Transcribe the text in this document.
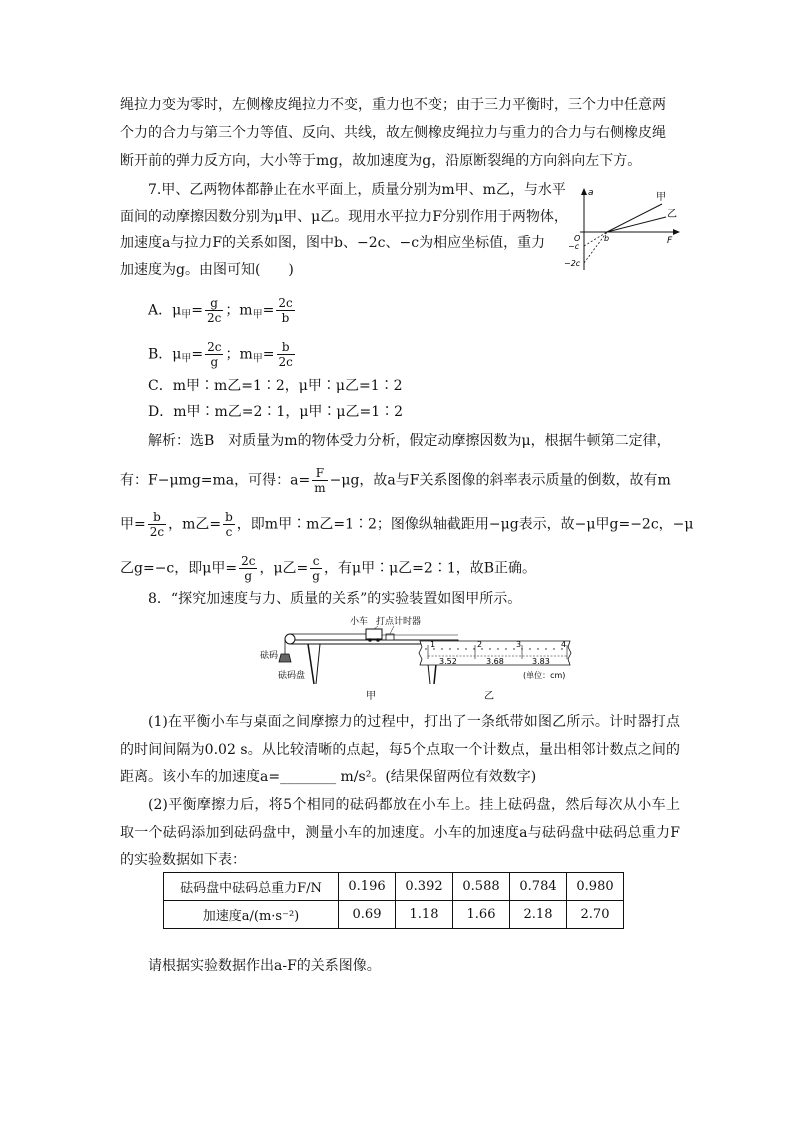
绳拉力变为零时，左侧橡皮绳拉力不变，重力也不变；由于三力平衡时，三个力中任意两
个力的合力与第三个力等值、反向、共线，故左侧橡皮绳拉力与重力的合力与右侧橡皮绳
断开前的弹力反方向，大小等于mg，故加速度为g，沿原断裂绳的方向斜向左下方。
7.甲、乙两物体都静止在水平面上，质量分别为m甲、m乙，与水平
面间的动摩擦因数分别为μ甲、μ乙。现用水平拉力F分别作用于两物体，
加速度a与拉力F的关系如图，图中b、−2c、−c为相应坐标值，重力
加速度为g。由图可知(　　)
a
F
O	b
−c
−2c
甲
乙
A．$\mu_甲= \frac{g}{2c}$ ；$m_甲= \frac{2c}{b}$
B．$\mu_甲= \frac{2c}{g}$ ；$m_甲= \frac{b}{2c}$
C．m甲∶m乙=1∶2，μ甲∶μ乙=1∶2
D．m甲∶m乙=2∶1，μ甲∶μ乙=1∶2
解析：选B　对质量为m的物体受力分析，假定动摩擦因数为μ，根据牛顿第二定律，
有：F−μmg=ma，可得：$a= \frac{F}{m} -\mu g$，故a与F关系图像的斜率表示质量的倒数，故有m
甲= $\frac{b}{2c}$ ，m乙= $\frac{b}{c}$ ，即m甲∶m乙=1∶2；图像纵轴截距用−μg表示，故−μ甲g=−2c，−μ
乙g=−c，即μ甲= $\frac{2c}{g}$ ，μ乙= $\frac{c}{g}$ ，有μ甲∶μ乙=2∶1，故B正确。
8．“探究加速度与力、质量的关系”的实验装置如图甲所示。
小车 打点计时器
砝码
砝码盘
甲
1	2	3	4
3.52	3.68	3.83
(单位：cm)
乙
(1)在平衡小车与桌面之间摩擦力的过程中，打出了一条纸带如图乙所示。计时器打点的时间间隔为0.02 s。从比较清晰的点起，每5个点取一个计数点，量出相邻计数点之间的距离。该小车的加速度a=________ m/s²。(结果保留两位有效数字)
(2)平衡摩擦力后，将5个相同的砝码都放在小车上。挂上砝码盘，然后每次从小车上取一个砝码添加到砝码盘中，测量小车的加速度。小车的加速度a与砝码盘中砝码总重力F的实验数据如下表：
砝码盘中砝码总重力F/N	0.196	0.392	0.588	0.784	0.980
加速度a/(m·s⁻²)	0.69	1.18	1.66	2.18	2.70
请根据实验数据作出a-F的关系图像。
